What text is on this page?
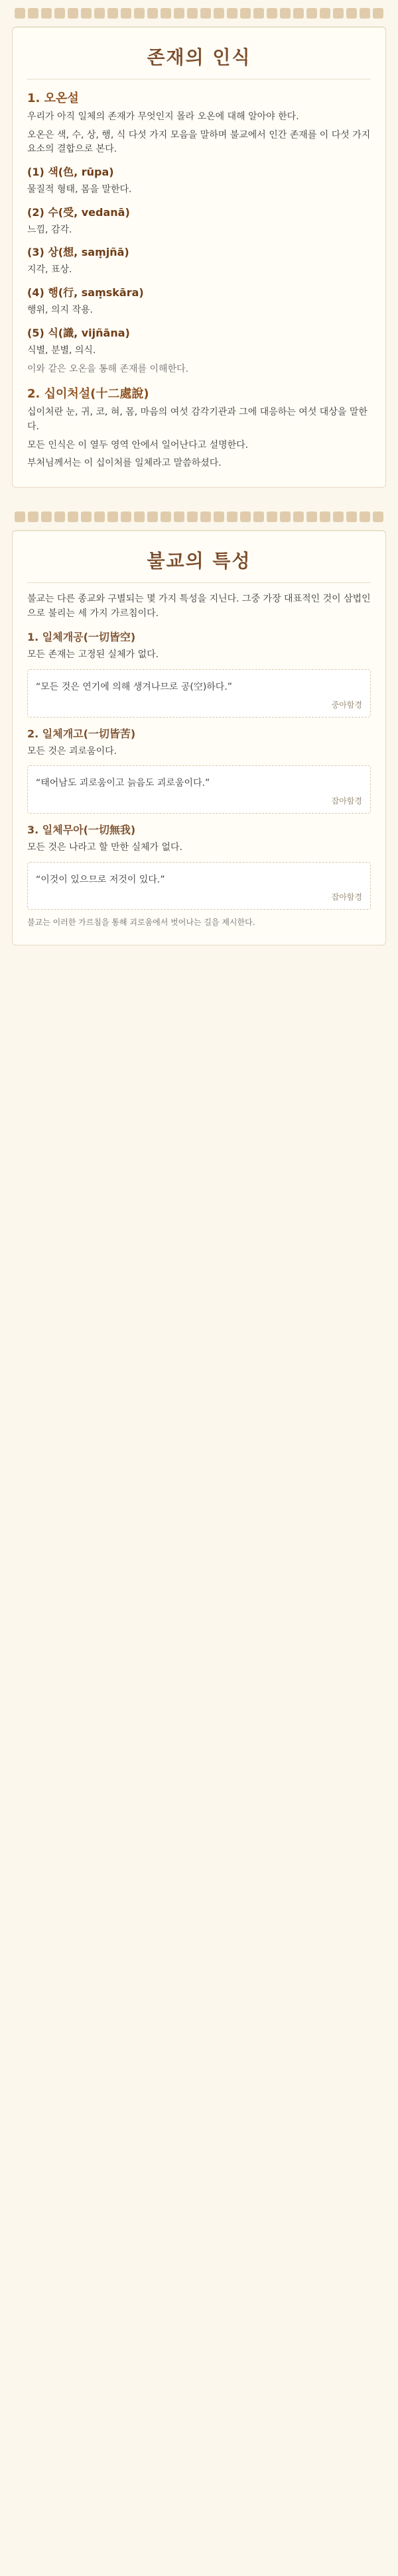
존재의 인식
1. 오온설

우리가 아직 일체의 존재가 무엇인지 몰라 오온에 대해 알아야 한다.

오온은 색, 수, 상, 행, 식 다섯 가지 모음을 말하며 불교에서 인간 존재를 이 다섯 가지 요소의 결합으로 본다.

(1) 색(色, rūpa)

물질적 형태, 몸을 말한다.

(2) 수(受, vedanā)

느낌, 감각.

(3) 상(想, saṃjñā)

지각, 표상.

(4) 행(行, saṃskāra)

행위, 의지 작용.

(5) 식(識, vijñāna)

식별, 분별, 의식.

이와 같은 오온을 통해 존재를 이해한다.

2. 십이처설(十二處說)

십이처란 눈, 귀, 코, 혀, 몸, 마음의 여섯 감각기관과 그에 대응하는 여섯 대상을 말한다.

모든 인식은 이 열두 영역 안에서 일어난다고 설명한다.

부처님께서는 이 십이처를 일체라고 말씀하셨다.

불교의 특성

불교는 다른 종교와 구별되는 몇 가지 특성을 지닌다. 그중 가장 대표적인 것이 삼법인으로 불리는 세 가지 가르침이다.

1. 일체개공(一切皆空)

모든 존재는 고정된 실체가 없다.

“모든 것은 연기에 의해 생겨나므로 공(空)하다.”

중아함경
2. 일체개고(一切皆苦)

모든 것은 괴로움이다.

“태어남도 괴로움이고 늙음도 괴로움이다.”

잡아함경
3. 일체무아(一切無我)

모든 것은 나라고 할 만한 실체가 없다.

“이것이 있으므로 저것이 있다.”

잡아함경

불교는 이러한 가르침을 통해 괴로움에서 벗어나는 길을 제시한다.
